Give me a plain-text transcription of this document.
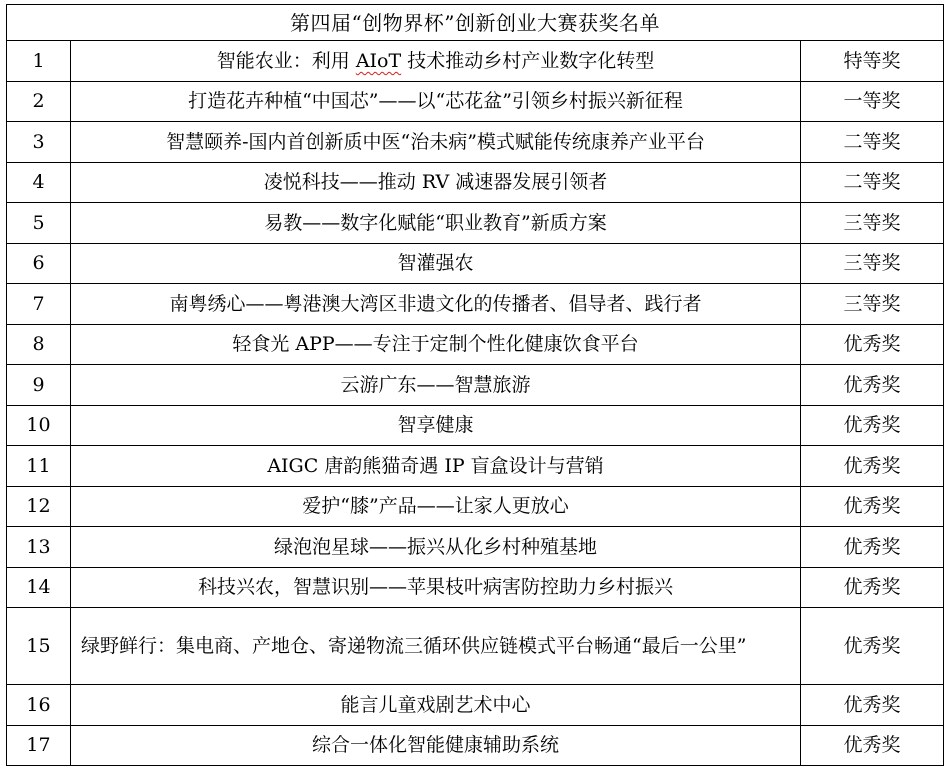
第四届“创物界杯”创新创业大赛获奖名单		
1	智能农业：利用 AIoT 技术推动乡村产业数字化转型	特等奖
2	打造花卉种植“中国芯”——以“芯花盆”引领乡村振兴新征程	一等奖
3	智慧颐养-国内首创新质中医“治未病”模式赋能传统康养产业平台	二等奖
4	凌悦科技——推动 RV 减速器发展引领者	二等奖
5	易教——数字化赋能“职业教育”新质方案	三等奖
6	智灌强农	三等奖
7	南粤绣心——粤港澳大湾区非遗文化的传播者、倡导者、践行者	三等奖
8	轻食光 APP——专注于定制个性化健康饮食平台	优秀奖
9	云游广东——智慧旅游	优秀奖
10	智享健康	优秀奖
11	AIGC 唐韵熊猫奇遇 IP 盲盒设计与营销	优秀奖
12	爱护“膝”产品——让家人更放心	优秀奖
13	绿泡泡星球——振兴从化乡村种殖基地	优秀奖
14	科技兴农，智慧识别——苹果枝叶病害防控助力乡村振兴	优秀奖
15	绿野鲜行：集电商、产地仓、寄递物流三循环供应链模式平台畅通“最后一公里”	优秀奖
16	能言儿童戏剧艺术中心	优秀奖
17	综合一体化智能健康辅助系统	优秀奖
